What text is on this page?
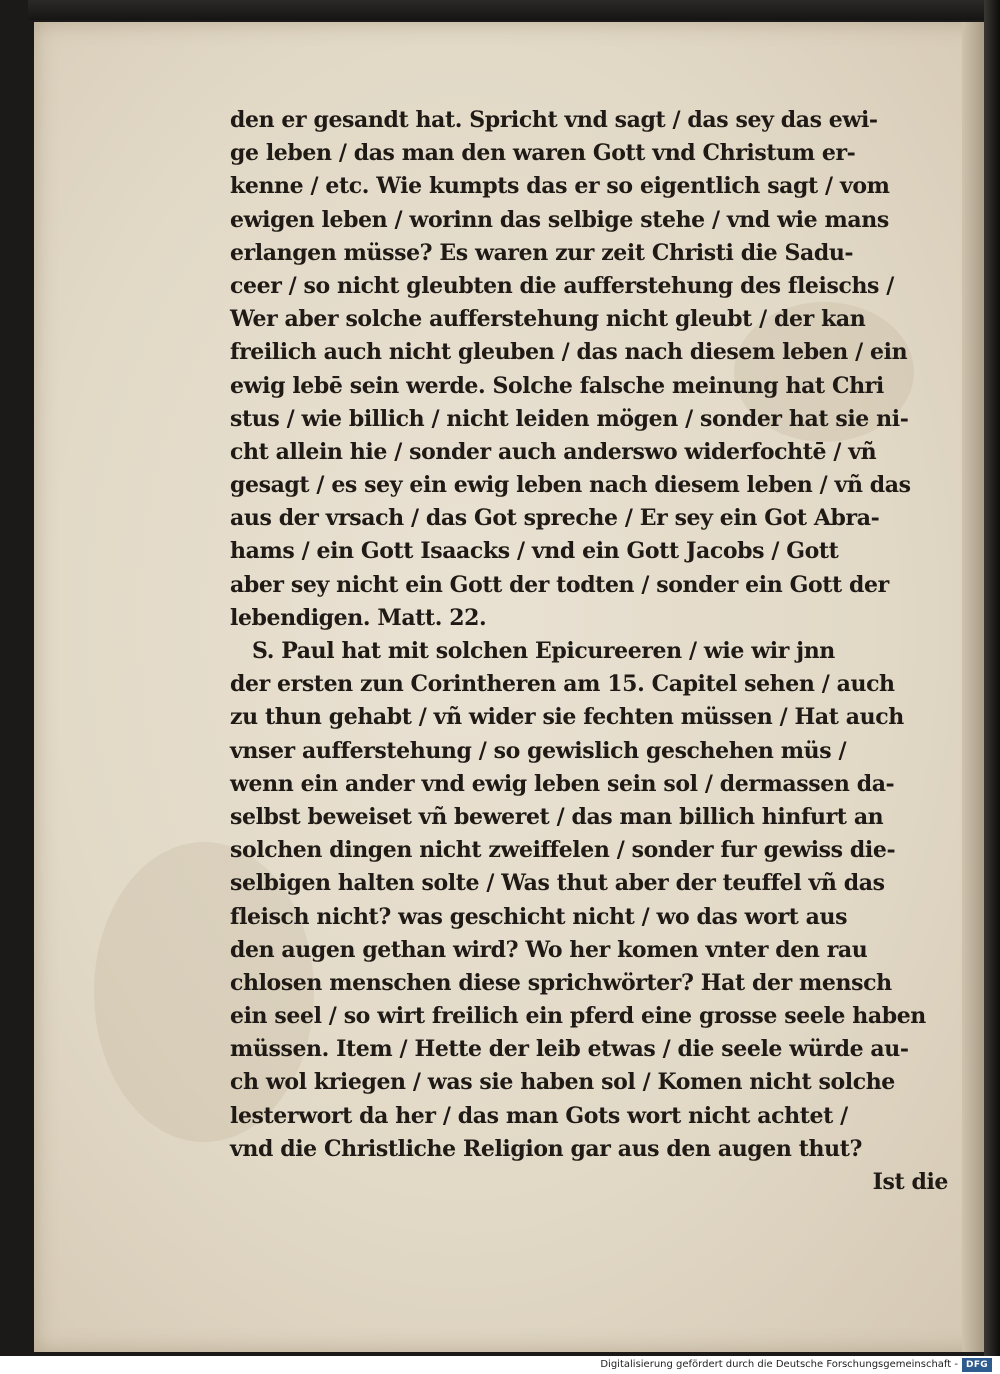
den er gesandt hat. Spricht vnd sagt / das sey das ewi-
ge leben / das man den waren Gott vnd Christum er-
kenne / etc. Wie kumpts das er so eigentlich sagt / vom
ewigen leben / worinn das selbige stehe / vnd wie mans
erlangen müsse? Es waren zur zeit Christi die Sadu-
ceer / so nicht gleubten die aufferstehung des fleischs /
Wer aber solche aufferstehung nicht gleubt / der kan
freilich auch nicht gleuben / das nach diesem leben / ein
ewig lebē sein werde. Solche falsche meinung hat Chri
stus / wie billich / nicht leiden mögen / sonder hat sie ni-
cht allein hie / sonder auch anderswo widerfochtē / vñ
gesagt / es sey ein ewig leben nach diesem leben / vñ das
aus der vrsach / das Got spreche / Er sey ein Got Abra-
hams / ein Gott Isaacks / vnd ein Gott Jacobs / Gott
aber sey nicht ein Gott der todten / sonder ein Gott der
lebendigen. Matt. 22.
S. Paul hat mit solchen Epicureeren / wie wir jnn
der ersten zun Corintheren am 15. Capitel sehen / auch
zu thun gehabt / vñ wider sie fechten müssen / Hat auch
vnser aufferstehung / so gewislich geschehen müs /
wenn ein ander vnd ewig leben sein sol / dermassen da-
selbst beweiset vñ beweret / das man billich hinfurt an
solchen dingen nicht zweiffelen / sonder fur gewiss die-
selbigen halten solte / Was thut aber der teuffel vñ das
fleisch nicht? was geschicht nicht / wo das wort aus
den augen gethan wird? Wo her komen vnter den rau
chlosen menschen diese sprichwörter? Hat der mensch
ein seel / so wirt freilich ein pferd eine grosse seele haben
müssen. Item / Hette der leib etwas / die seele würde au-
ch wol kriegen / was sie haben sol / Komen nicht solche
lesterwort da her / das man Gots wort nicht achtet /
vnd die Christliche Religion gar aus den augen thut?
Ist die
Digitalisierung gefördert durch die Deutsche Forschungsgemeinschaft - DFG
